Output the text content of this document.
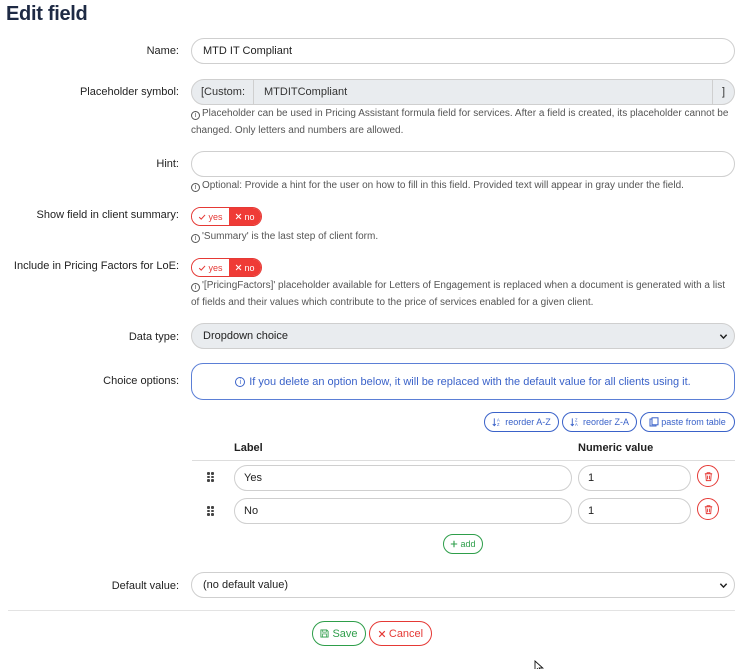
Edit field
Name:	MTD IT Compliant
Placeholder symbol:	[Custom:	MTDITCompliant	]
i Placeholder can be used in Pricing Assistant formula field for services. After a field is created, its placeholder cannot be changed. Only letters and numbers are allowed.
Hint:
i Optional: Provide a hint for the user on how to fill in this field. Provided text will appear in gray under the field.
Show field in client summary:	yes no
i 'Summary' is the last step of client form.
Include in Pricing Factors for LoE:	yes no
i '[PricingFactors]' placeholder available for Letters of Engagement is replaced when a document is generated with a list of fields and their values which contribute to the price of services enabled for a given client.
Data type:	Dropdown choice
Choice options:	i If you delete an option below, it will be replaced with the default value for all clients using it.
A
Z reorder A-Z	Z
A reorder Z-A	paste from table
Label	Numeric value
Yes	1
No	1
add
Default value:	(no default value)
Save	Cancel
